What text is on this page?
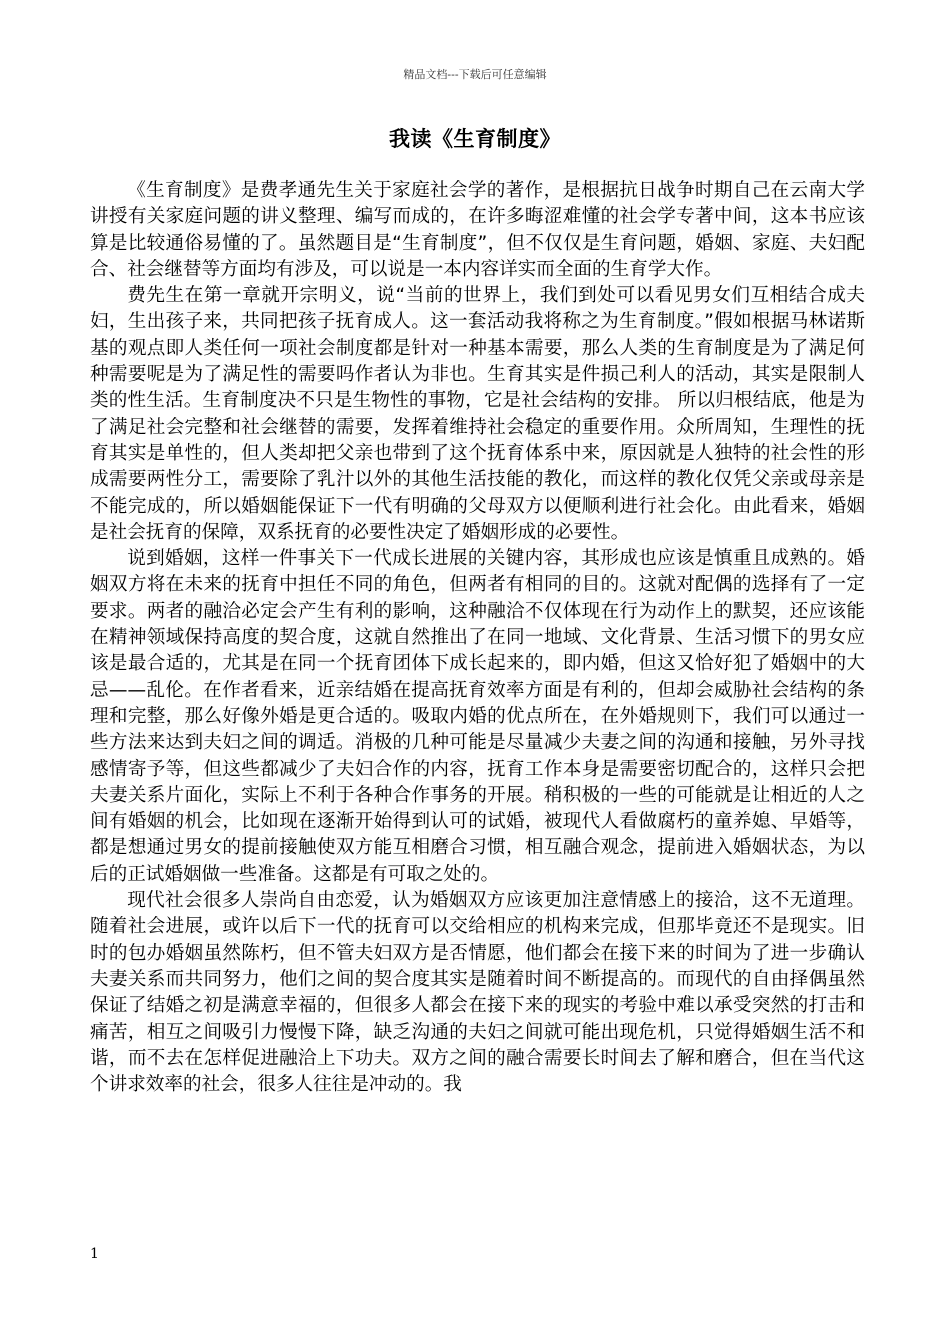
精品文档---下载后可任意编辑
我读《生育制度》

《生育制度》是费孝通先生关于家庭社会学的著作，是根据抗日战争时期自己在云南大学讲授有关家庭问题的讲义整理、编写而成的，在许多晦涩难懂的社会学专著中间，这本书应该算是比较通俗易懂的了。虽然题目是“生育制度”，但不仅仅是生育问题，婚姻、家庭、夫妇配合、社会继替等方面均有涉及，可以说是一本内容详实而全面的生育学大作。

费先生在第一章就开宗明义，说“当前的世界上，我们到处可以看见男女们互相结合成夫妇，生出孩子来，共同把孩子抚育成人。这一套活动我将称之为生育制度。”假如根据马林诺斯基的观点即人类任何一项社会制度都是针对一种基本需要，那么人类的生育制度是为了满足何种需要呢是为了满足性的需要吗作者认为非也。生育其实是件损己利人的活动，其实是限制人类的性生活。生育制度决不只是生物性的事物，它是社会结构的安排。 所以归根结底，他是为了满足社会完整和社会继替的需要，发挥着维持社会稳定的重要作用。众所周知，生理性的抚育其实是单性的，但人类却把父亲也带到了这个抚育体系中来，原因就是人独特的社会性的形成需要两性分工，需要除了乳汁以外的其他生活技能的教化，而这样的教化仅凭父亲或母亲是不能完成的，所以婚姻能保证下一代有明确的父母双方以便顺利进行社会化。由此看来，婚姻是社会抚育的保障，双系抚育的必要性决定了婚姻形成的必要性。

说到婚姻，这样一件事关下一代成长进展的关键内容，其形成也应该是慎重且成熟的。婚姻双方将在未来的抚育中担任不同的角色，但两者有相同的目的。这就对配偶的选择有了一定要求。两者的融洽必定会产生有利的影响，这种融洽不仅体现在行为动作上的默契，还应该能在精神领域保持高度的契合度，这就自然推出了在同一地域、文化背景、生活习惯下的男女应该是最合适的，尤其是在同一个抚育团体下成长起来的，即内婚，但这又恰好犯了婚姻中的大忌——乱伦。在作者看来，近亲结婚在提高抚育效率方面是有利的，但却会威胁社会结构的条理和完整，那么好像外婚是更合适的。吸取内婚的优点所在，在外婚规则下，我们可以通过一些方法来达到夫妇之间的调适。消极的几种可能是尽量减少夫妻之间的沟通和接触，另外寻找感情寄予等，但这些都减少了夫妇合作的内容，抚育工作本身是需要密切配合的，这样只会把夫妻关系片面化，实际上不利于各种合作事务的开展。稍积极的一些的可能就是让相近的人之间有婚姻的机会，比如现在逐渐开始得到认可的试婚，被现代人看做腐朽的童养媳、早婚等，都是想通过男女的提前接触使双方能互相磨合习惯，相互融合观念，提前进入婚姻状态，为以后的正试婚姻做一些准备。这都是有可取之处的。

现代社会很多人崇尚自由恋爱，认为婚姻双方应该更加注意情感上的接洽，这不无道理。随着社会进展，或许以后下一代的抚育可以交给相应的机构来完成，但那毕竟还不是现实。旧时的包办婚姻虽然陈朽，但不管夫妇双方是否情愿，他们都会在接下来的时间为了进一步确认夫妻关系而共同努力，他们之间的契合度其实是随着时间不断提高的。而现代的自由择偶虽然保证了结婚之初是满意幸福的，但很多人都会在接下来的现实的考验中难以承受突然的打击和痛苦，相互之间吸引力慢慢下降，缺乏沟通的夫妇之间就可能出现危机，只觉得婚姻生活不和谐，而不去在怎样促进融洽上下功夫。双方之间的融合需要长时间去了解和磨合，但在当代这个讲求效率的社会，很多人往往是冲动的。我

1
